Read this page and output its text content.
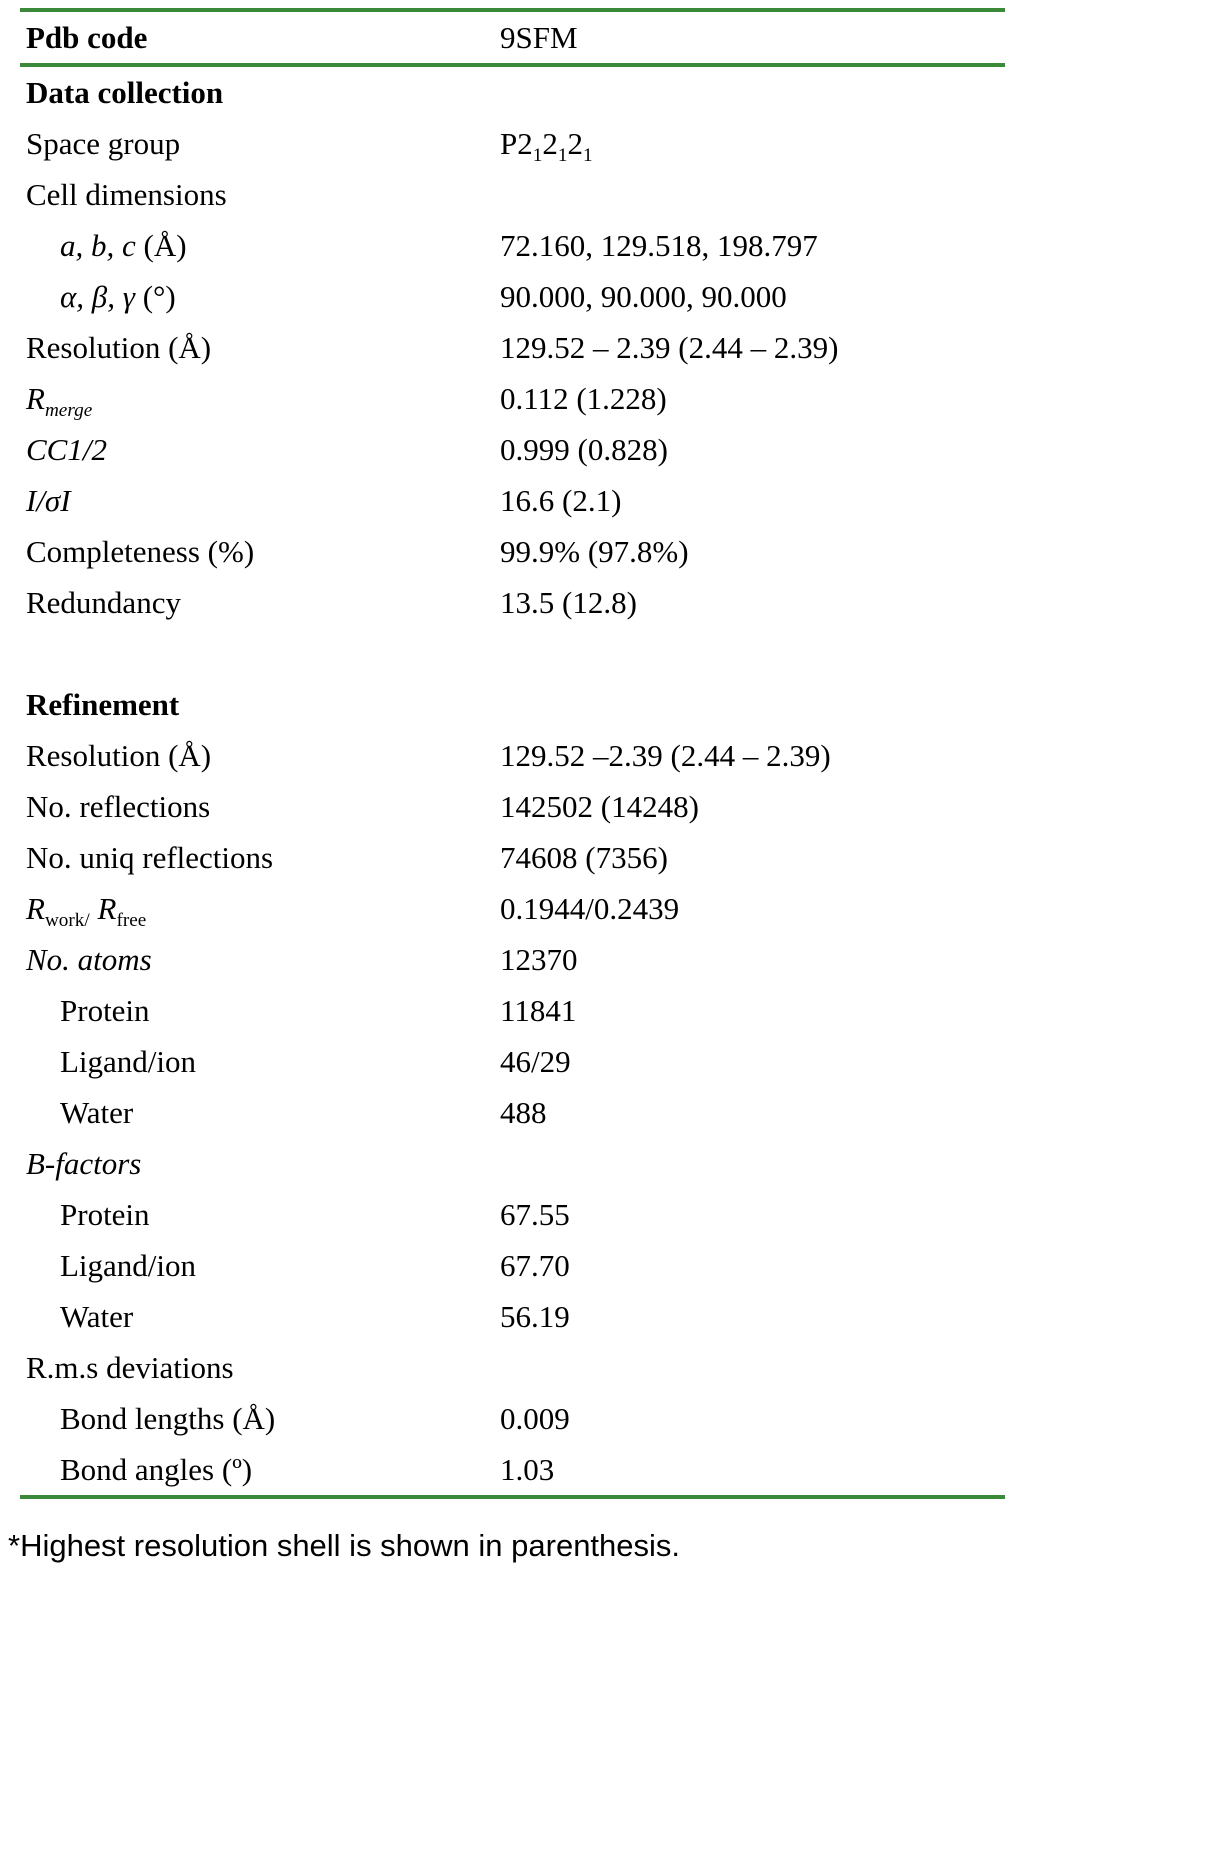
Pdb code	9SFM
Data collection
Space group	$P2_12_12_1$
Cell dimensions
a, b, c (Å)	72.160, 129.518, 198.797
α, β, γ (°)	90.000, 90.000, 90.000
Resolution (Å)	129.52 – 2.39 (2.44 – 2.39)
$R_{merge}$	0.112 (1.228)
CC1/2	0.999 (0.828)
I/σI	16.6 (2.1)
Completeness (%)	99.9% (97.8%)
Redundancy	13.5 (12.8)
Refinement
Resolution (Å)	129.52 –2.39 (2.44 – 2.39)
No. reflections	142502 (14248)
No. uniq reflections	74608 (7356)
$R_{work/}$ $R_{free}$	0.1944/0.2439
No. atoms	12370
Protein	11841
Ligand/ion	46/29
Water	488
B-factors
Protein	67.55
Ligand/ion	67.70
Water	56.19
R.m.s deviations
Bond lengths (Å)	0.009
Bond angles (º)	1.03
*Highest resolution shell is shown in parenthesis.
